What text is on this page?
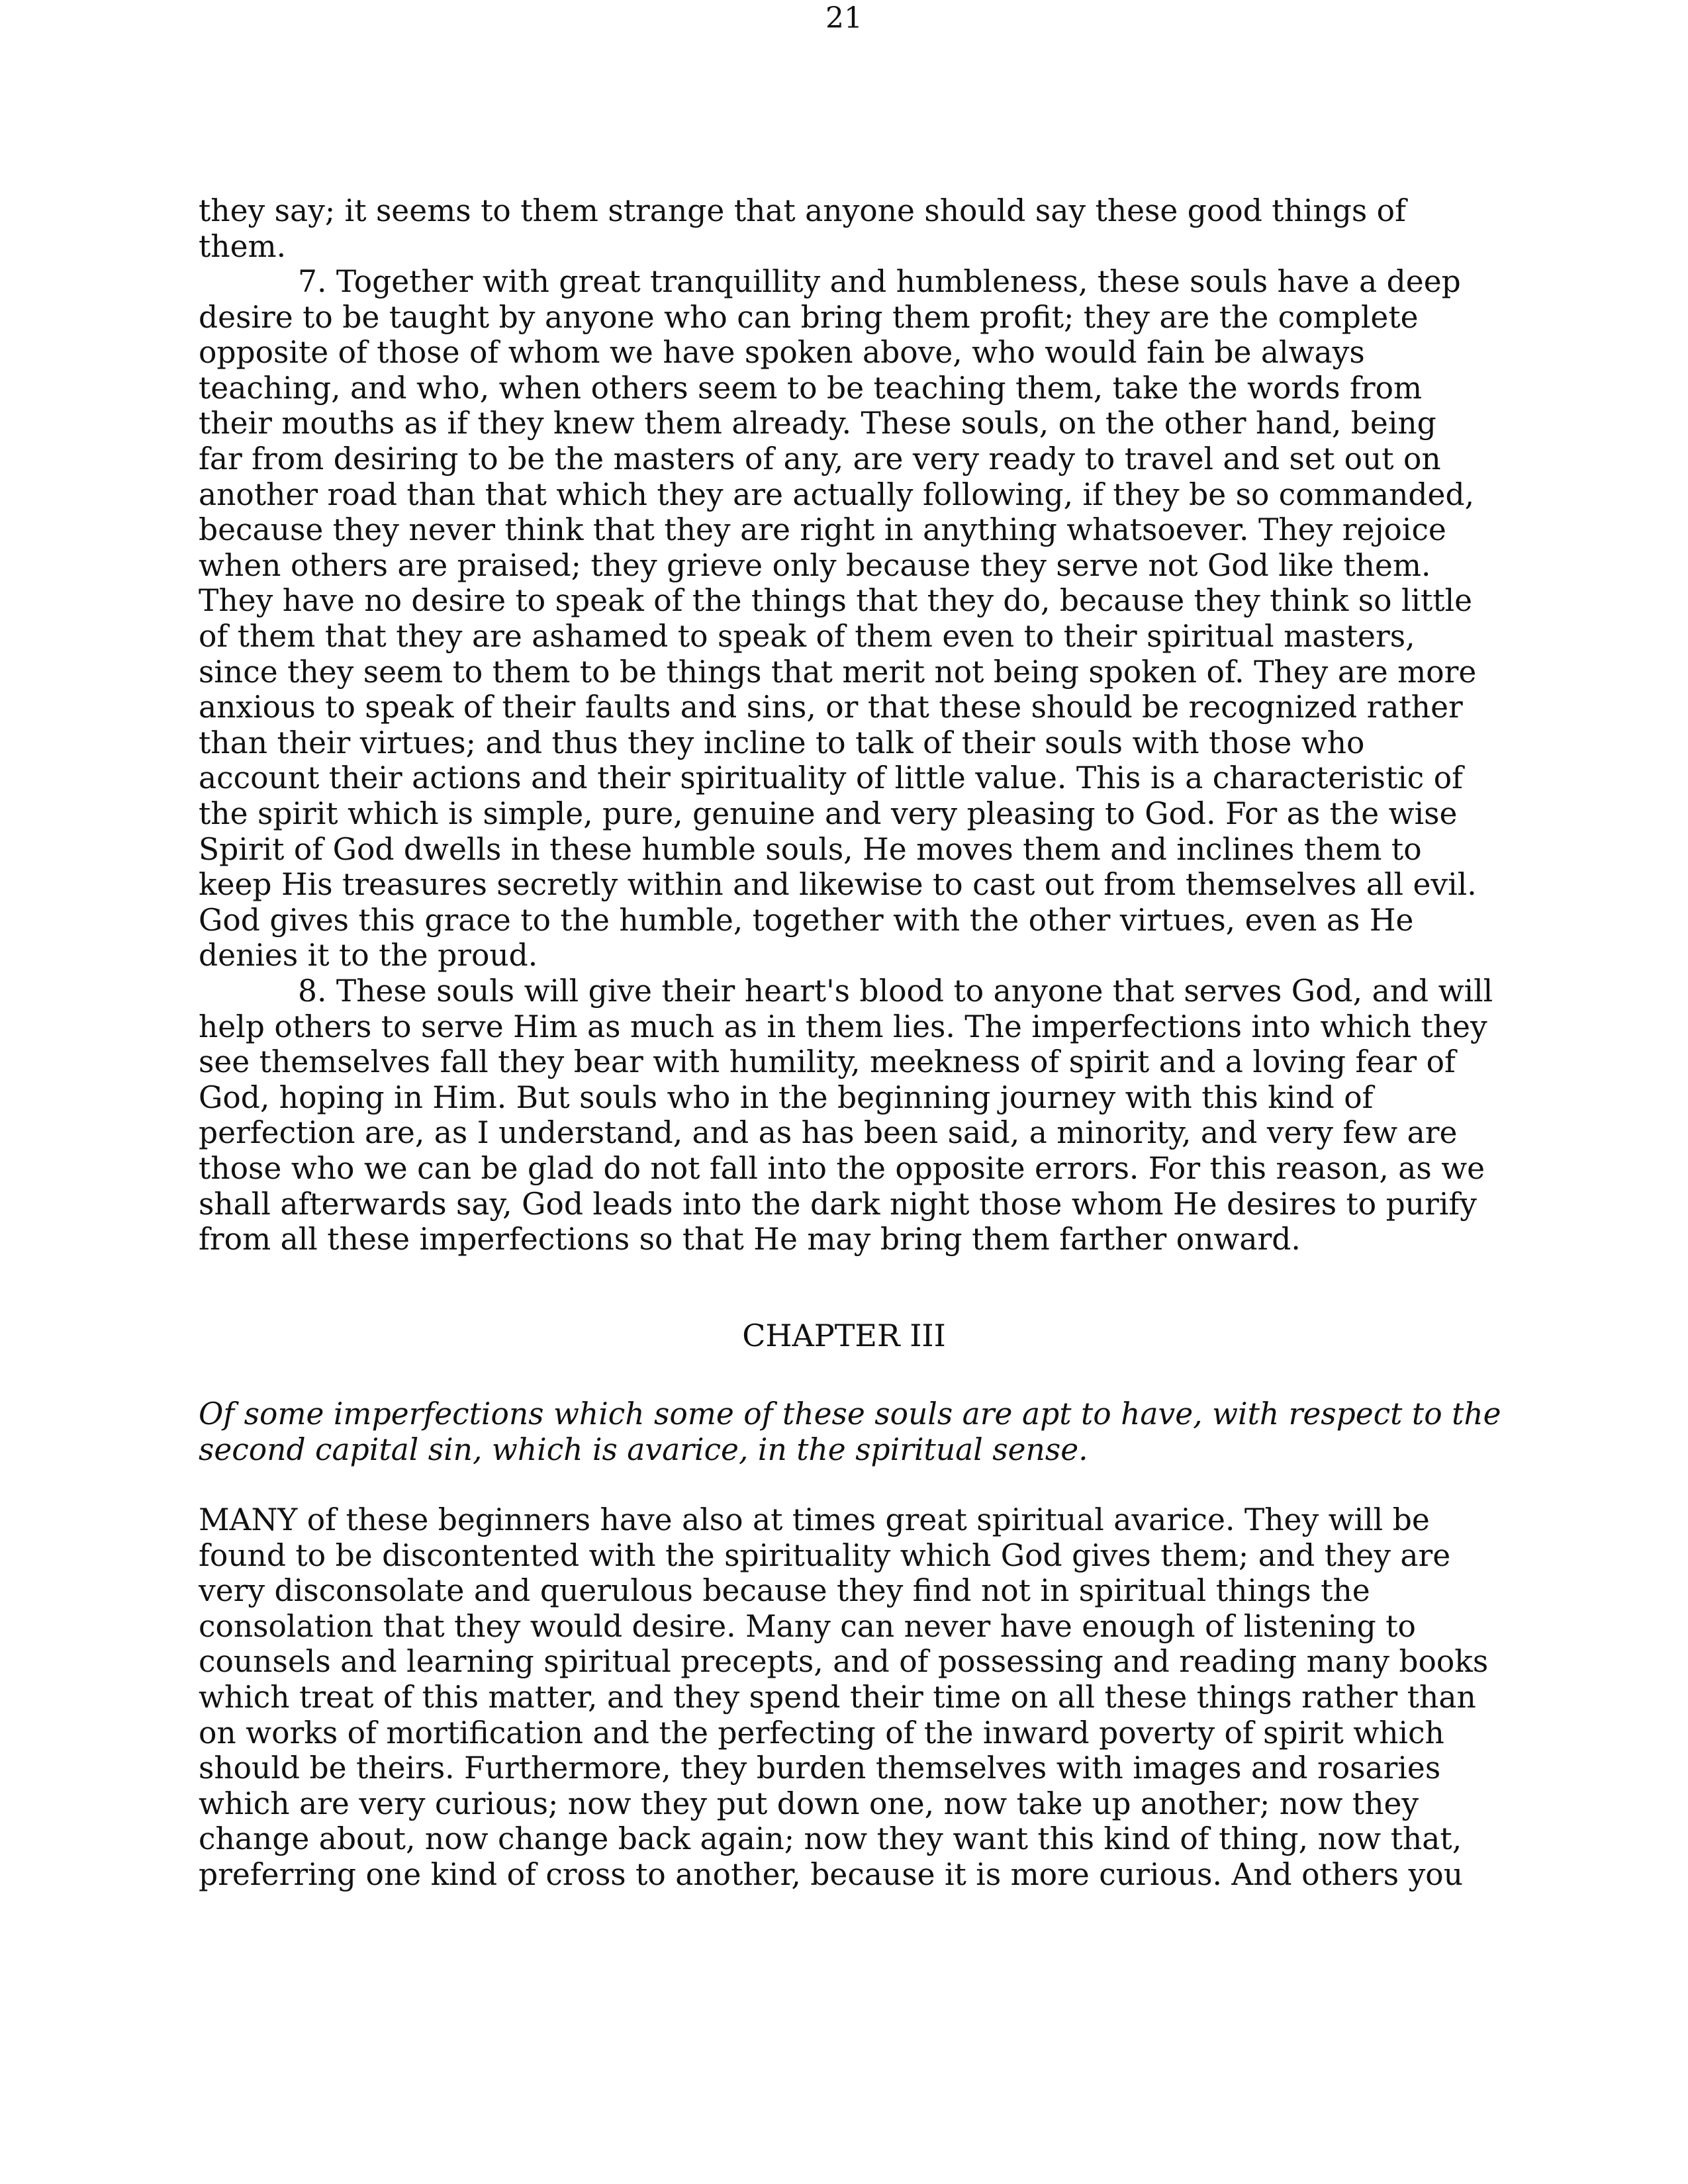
21

they say; it seems to them strange that anyone should say these good things of

them.

7. Together with great tranquillity and humbleness, these souls have a deep

desire to be taught by anyone who can bring them profit; they are the complete

opposite of those of whom we have spoken above, who would fain be always

teaching, and who, when others seem to be teaching them, take the words from

their mouths as if they knew them already. These souls, on the other hand, being

far from desiring to be the masters of any, are very ready to travel and set out on

another road than that which they are actually following, if they be so commanded,

because they never think that they are right in anything whatsoever. They rejoice

when others are praised; they grieve only because they serve not God like them.

They have no desire to speak of the things that they do, because they think so little

of them that they are ashamed to speak of them even to their spiritual masters,

since they seem to them to be things that merit not being spoken of. They are more

anxious to speak of their faults and sins, or that these should be recognized rather

than their virtues; and thus they incline to talk of their souls with those who

account their actions and their spirituality of little value. This is a characteristic of

the spirit which is simple, pure, genuine and very pleasing to God. For as the wise

Spirit of God dwells in these humble souls, He moves them and inclines them to

keep His treasures secretly within and likewise to cast out from themselves all evil.

God gives this grace to the humble, together with the other virtues, even as He

denies it to the proud.

8. These souls will give their heart's blood to anyone that serves God, and will

help others to serve Him as much as in them lies. The imperfections into which they

see themselves fall they bear with humility, meekness of spirit and a loving fear of

God, hoping in Him. But souls who in the beginning journey with this kind of

perfection are, as I understand, and as has been said, a minority, and very few are

those who we can be glad do not fall into the opposite errors. For this reason, as we

shall afterwards say, God leads into the dark night those whom He desires to purify

from all these imperfections so that He may bring them farther onward.

CHAPTER III

Of some imperfections which some of these souls are apt to have, with respect to the

second capital sin, which is avarice, in the spiritual sense.

MANY of these beginners have also at times great spiritual avarice. They will be

found to be discontented with the spirituality which God gives them; and they are

very disconsolate and querulous because they find not in spiritual things the

consolation that they would desire. Many can never have enough of listening to

counsels and learning spiritual precepts, and of possessing and reading many books

which treat of this matter, and they spend their time on all these things rather than

on works of mortification and the perfecting of the inward poverty of spirit which

should be theirs. Furthermore, they burden themselves with images and rosaries

which are very curious; now they put down one, now take up another; now they

change about, now change back again; now they want this kind of thing, now that,

preferring one kind of cross to another, because it is more curious. And others you
